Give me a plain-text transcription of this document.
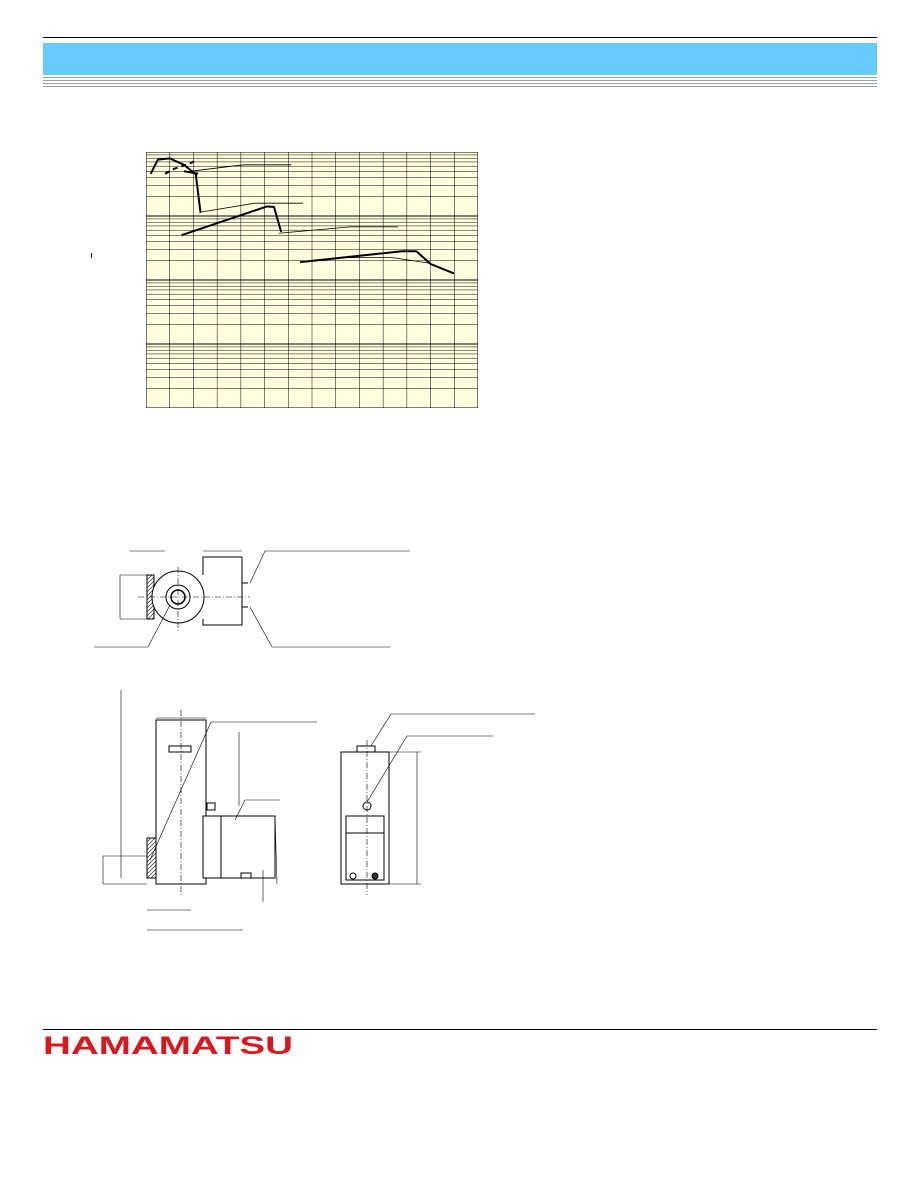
HAMAMATSU
